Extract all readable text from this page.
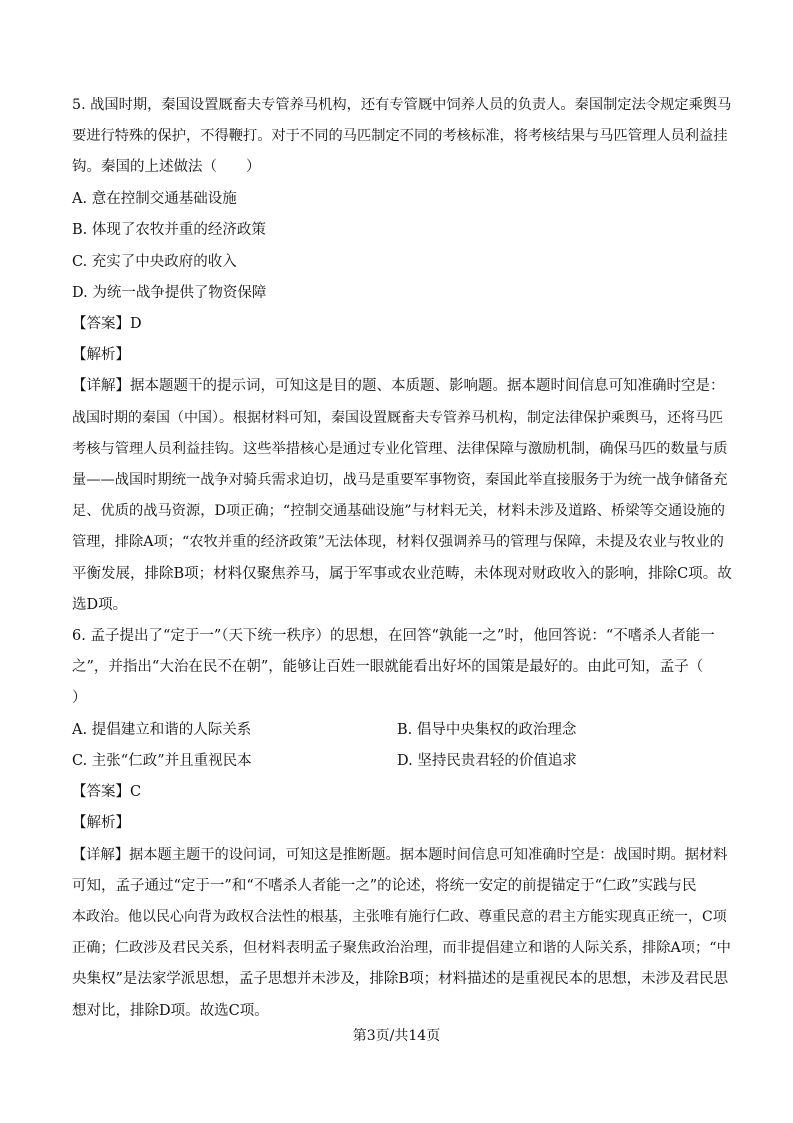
5. 战国时期，秦国设置厩畜夫专管养马机构，还有专管厩中饲养人员的负责人。秦国制定法令规定乘舆马
要进行特殊的保护，不得鞭打。对于不同的马匹制定不同的考核标准，将考核结果与马匹管理人员利益挂
钩。秦国的上述做法（　　）
A. 意在控制交通基础设施
B. 体现了农牧并重的经济政策
C. 充实了中央政府的收入
D. 为统一战争提供了物资保障
【答案】D
【解析】
【详解】据本题题干的提示词，可知这是目的题、本质题、影响题。据本题时间信息可知准确时空是：
战国时期的秦国（中国）。根据材料可知，秦国设置厩畜夫专管养马机构，制定法律保护乘舆马，还将马匹
考核与管理人员利益挂钩。这些举措核心是通过专业化管理、法律保障与激励机制，确保马匹的数量与质
量——战国时期统一战争对骑兵需求迫切，战马是重要军事物资，秦国此举直接服务于为统一战争储备充
足、优质的战马资源，D项正确；“控制交通基础设施”与材料无关，材料未涉及道路、桥梁等交通设施的
管理，排除A项；“农牧并重的经济政策”无法体现，材料仅强调养马的管理与保障，未提及农业与牧业的
平衡发展，排除B项；材料仅聚焦养马，属于军事或农业范畴，未体现对财政收入的影响，排除C项。故
选D项。
6. 孟子提出了“定于一”（天下统一秩序）的思想，在回答“孰能一之”时，他回答说：“不嗜杀人者能一
之”，并指出“大治在民不在朝”，能够让百姓一眼就能看出好坏的国策是最好的。由此可知，孟子（
）
A. 提倡建立和谐的人际关系	B. 倡导中央集权的政治理念
C. 主张“仁政”并且重视民本	D. 坚持民贵君轻的价值追求
【答案】C
【解析】
【详解】据本题主题干的设问词，可知这是推断题。据本题时间信息可知准确时空是：战国时期。据材料
可知，孟子通过“定于一”和“不嗜杀人者能一之”的论述，将统一安定的前提锚定于“仁政”实践与民
本政治。他以民心向背为政权合法性的根基，主张唯有施行仁政、尊重民意的君主方能实现真正统一，C项
正确；仁政涉及君民关系，但材料表明孟子聚焦政治治理，而非提倡建立和谐的人际关系，排除A项；“中
央集权”是法家学派思想，孟子思想并未涉及，排除B项；材料描述的是重视民本的思想，未涉及君民思
想对比，排除D项。故选C项。
第3页/共14页
